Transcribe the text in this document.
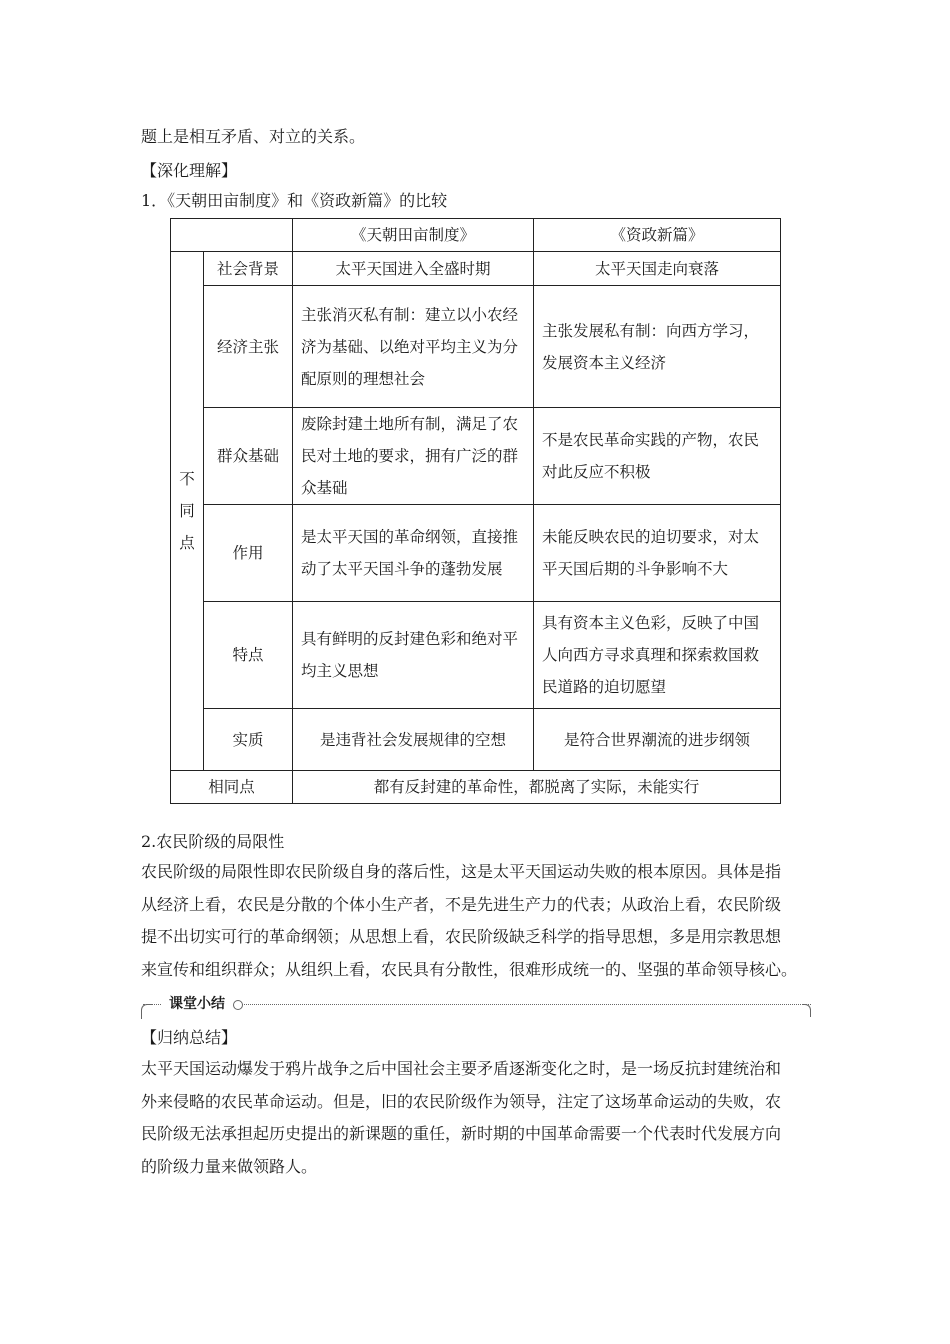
题上是相互矛盾、对立的关系。
【深化理解】
1．《天朝田亩制度》和《资政新篇》的比较
		《天朝田亩制度》	《资政新篇》
不同点	社会背景	太平天国进入全盛时期	太平天国走向衰落
	经济主张	主张消灭私有制：建立以小农经济为基础、以绝对平均主义为分配原则的理想社会	主张发展私有制：向西方学习，发展资本主义经济
	群众基础	废除封建土地所有制，满足了农民对土地的要求，拥有广泛的群众基础	不是农民革命实践的产物，农民对此反应不积极
	作用	是太平天国的革命纲领，直接推动了太平天国斗争的蓬勃发展	未能反映农民的迫切要求，对太平天国后期的斗争影响不大
	特点	具有鲜明的反封建色彩和绝对平均主义思想	具有资本主义色彩，反映了中国人向西方寻求真理和探索救国救民道路的迫切愿望
	实质	是违背社会发展规律的空想	是符合世界潮流的进步纲领
相同点		都有反封建的革命性，都脱离了实际，未能实行	
2.农民阶级的局限性
农民阶级的局限性即农民阶级自身的落后性，这是太平天国运动失败的根本原因。具体是指
从经济上看，农民是分散的个体小生产者，不是先进生产力的代表；从政治上看，农民阶级
提不出切实可行的革命纲领；从思想上看，农民阶级缺乏科学的指导思想，多是用宗教思想
来宣传和组织群众；从组织上看，农民具有分散性，很难形成统一的、坚强的革命领导核心。
课堂小结
【归纳总结】
太平天国运动爆发于鸦片战争之后中国社会主要矛盾逐渐变化之时，是一场反抗封建统治和
外来侵略的农民革命运动。但是，旧的农民阶级作为领导，注定了这场革命运动的失败，农
民阶级无法承担起历史提出的新课题的重任，新时期的中国革命需要一个代表时代发展方向
的阶级力量来做领路人。
